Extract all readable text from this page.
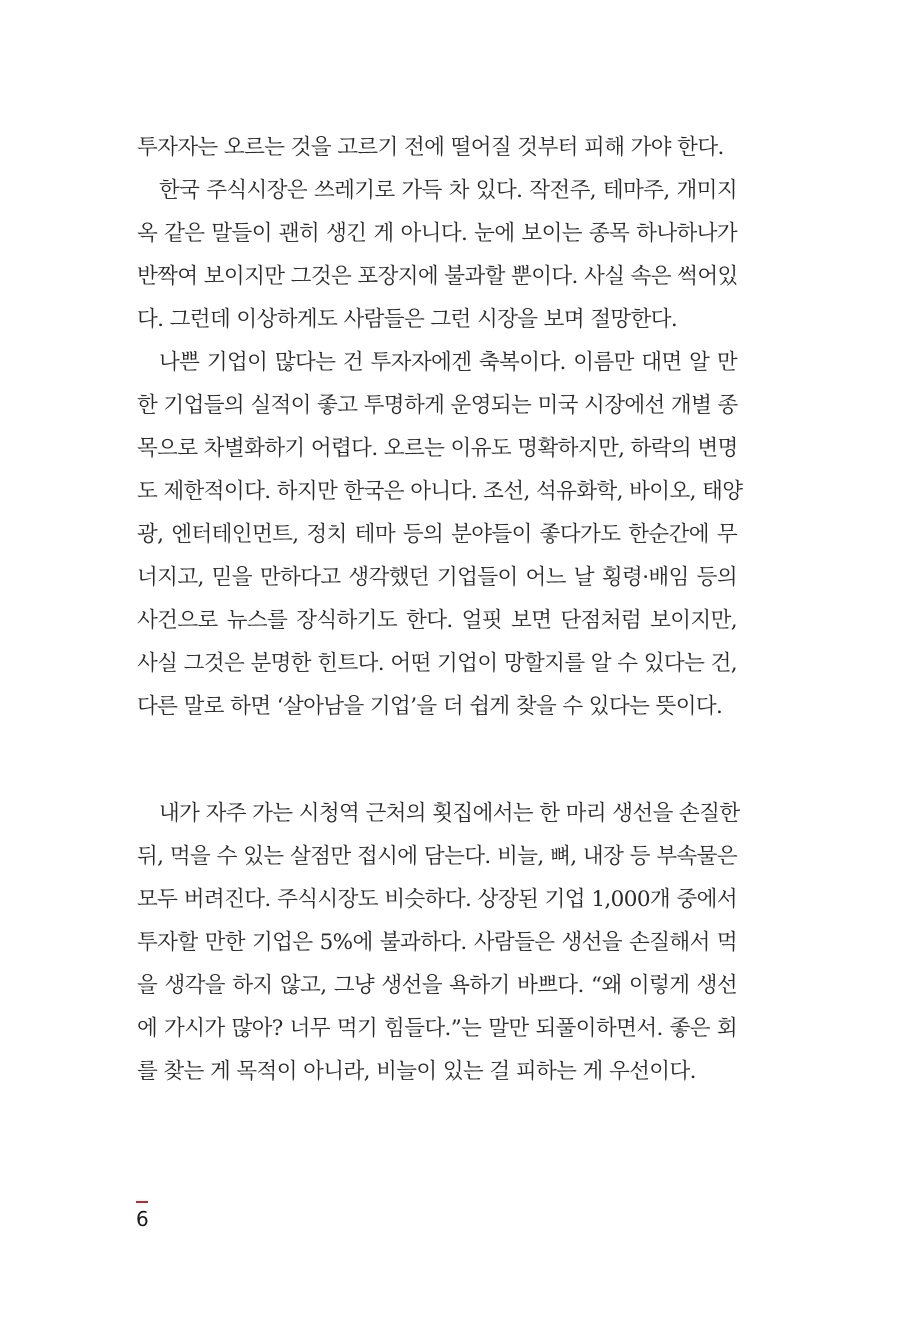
투자자는 오르는 것을 고르기 전에 떨어질 것부터 피해 가야 한다.
한국 주식시장은 쓰레기로 가득 차 있다. 작전주, 테마주, 개미지
옥 같은 말들이 괜히 생긴 게 아니다. 눈에 보이는 종목 하나하나가
반짝여 보이지만 그것은 포장지에 불과할 뿐이다. 사실 속은 썩어있
다. 그런데 이상하게도 사람들은 그런 시장을 보며 절망한다.
나쁜 기업이 많다는 건 투자자에겐 축복이다. 이름만 대면 알 만
한 기업들의 실적이 좋고 투명하게 운영되는 미국 시장에선 개별 종
목으로 차별화하기 어렵다. 오르는 이유도 명확하지만, 하락의 변명
도 제한적이다. 하지만 한국은 아니다. 조선, 석유화학, 바이오, 태양
광, 엔터테인먼트, 정치 테마 등의 분야들이 좋다가도 한순간에 무
너지고, 믿을 만하다고 생각했던 기업들이 어느 날 횡령·배임 등의
사건으로 뉴스를 장식하기도 한다. 얼핏 보면 단점처럼 보이지만,
사실 그것은 분명한 힌트다. 어떤 기업이 망할지를 알 수 있다는 건,
다른 말로 하면 ‘살아남을 기업’을 더 쉽게 찾을 수 있다는 뜻이다.
내가 자주 가는 시청역 근처의 횟집에서는 한 마리 생선을 손질한
뒤, 먹을 수 있는 살점만 접시에 담는다. 비늘, 뼈, 내장 등 부속물은
모두 버려진다. 주식시장도 비슷하다. 상장된 기업 1,000개 중에서
투자할 만한 기업은 5%에 불과하다. 사람들은 생선을 손질해서 먹
을 생각을 하지 않고, 그냥 생선을 욕하기 바쁘다. “왜 이렇게 생선
에 가시가 많아? 너무 먹기 힘들다.”는 말만 되풀이하면서. 좋은 회
를 찾는 게 목적이 아니라, 비늘이 있는 걸 피하는 게 우선이다.
6
